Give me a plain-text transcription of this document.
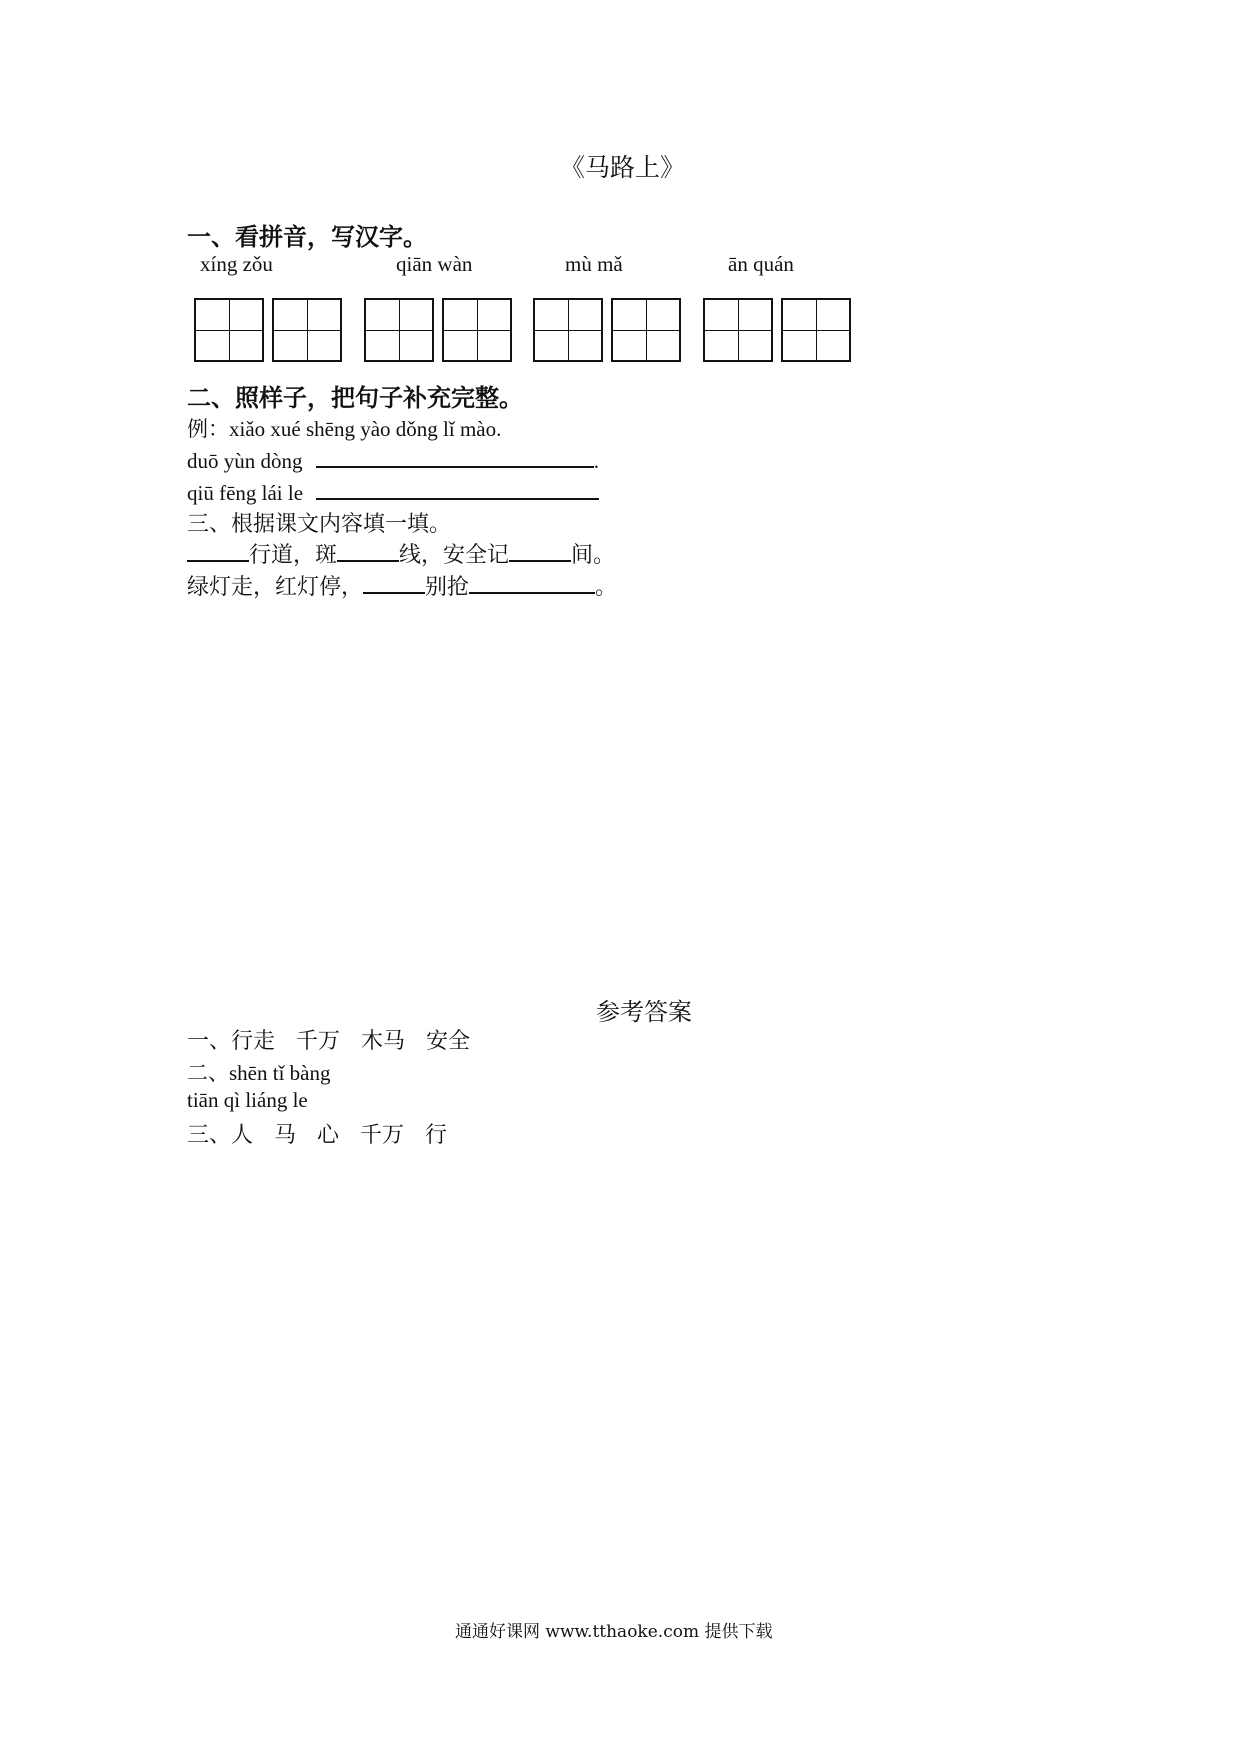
《马路上》
一、看拼音，写汉字。
xíng zǒu	qiān wàn	mù mǎ	ān quán
二、照样子，把句子补充完整。
例：xiǎo xué shēng yào dǒng lǐ mào.
duō yùn dòng	.
qiū fēng lái le
三、根据课文内容填一填。
行道，斑	线，安全记	间。
绿灯走，红灯停，	别抢	。
参考答案
一、行走 千万 木马 安全
二、shēn tǐ bàng
tiān qì liáng le
三、人 马 心 千万 行
通通好课网 www.tthaoke.com 提供下载
